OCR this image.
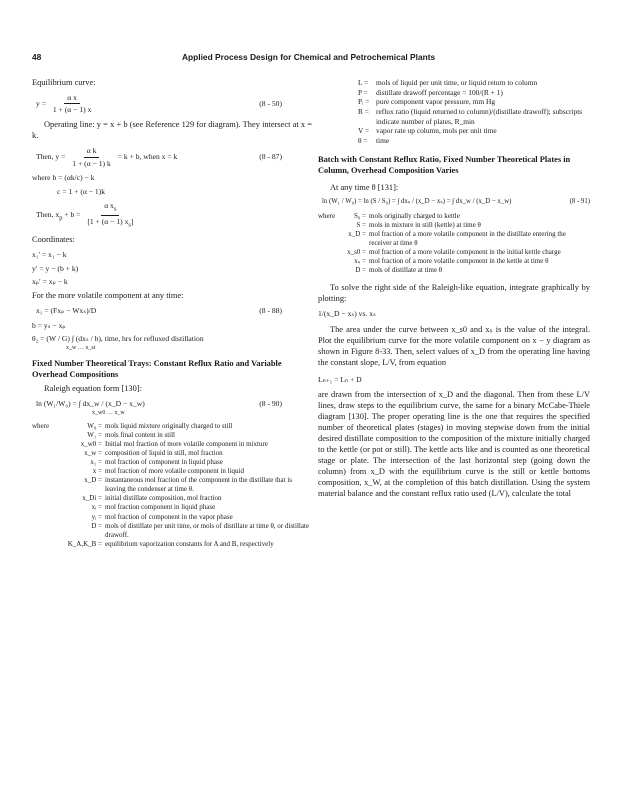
48	Applied Process Design for Chemical and Petrochemical Plants
Equilibrium curve:
$y = \frac{\text{α x}}{1 + (\alpha - 1) x}$	(8 - 50)

Operating line: y = x + b (see Reference 129 for diagram). They intersect at x = k.

Then, $y = \frac{\text{α k}}{1 + (\alpha - 1) k} = k + b$, when x = k	(8 - 87)
where b = (αk/c) − k
c = 1 + (α − 1)k
Then, $x_p + b = \frac{\alpha x_s}{[1 + (\alpha - 1) x_s]}$
Coordinates:
x₁′ = x₁ − k
y′ = y − (b + k)
xₚ′ = xₚ − k
For the more volatile component at any time:
x₁ = (Fxₚ − Wxₛ)/D	(8 - 88)
b = yₛ − xₚ
θ₂ = (W / G) ∫ (dxₛ / b), time, hrs for refluxed distillation
x_w … x_si
Fixed Number Theoretical Trays: Constant Reflux Ratio and Variable Overhead Compositions
Raleigh equation form [130]:
ln (W₁/W₀) = ∫ dx_w / (x_D − x_w)	(8 - 90)
x_w0 … x_w
where	W₀ = mols liquid mixture originally charged to still
W₁ = mols final content in still
x_w0 = Initial mol fraction of more volatile component in mixture
x_w = composition of liquid in still, mol fraction
x₁ = mol fraction of component in liquid phase
x = mol fraction of more volatile component in liquid
x_D = instantaneous mol fraction of the component in the distillate that is leaving the condenser at time θ.
x_Di = initial distillate composition, mol fraction
xᵢ = mol fraction component in liquid phase
yᵢ = mol fraction of component in the vapor phase
D = mols of distillate per unit time, or mols of distillate at time θ, or distillate drawoff.
K_A,K_B = equilibrium vaporization constants for A and B, respectively
L =	mols of liquid per unit time, or liquid return to column
P =	distillate drawoff percentage = 100/(R + 1)
Pᵢ = pure component vapor pressure, mm Hg
R = reflux ratio (liquid returned to column)/(distillate drawoff); subscripts indicate number of plates, R_min
V = vapor rate up column, mols per unit time
θ =	time
Batch with Constant Reflux Ratio, Fixed Number Theoretical Plates in Column, Overhead Composition Varies
At any time θ [131]:
ln (W₁ / W₀) = ln (S / S₀) = ∫ dxₛ / (x_D − xₛ) = ∫ dx_w / (x_D − x_w)	(8 - 91)
where	S₀ = mols originally charged to kettle
S = mols in mixture in still (kettle) at time θ
x_D = mol fraction of a more volatile component in the distillate entering the receiver at time θ
x_s0 = mol fraction of a more volatile component in the initial kettle charge
xₛ = mol fraction of a more volatile component in the kettle at time θ
D = mols of distillate at time θ

To solve the right side of the Raleigh-like equation, integrate graphically by plotting:

1/(x_D − xₛ) vs. xₛ

The area under the curve between x_s0 and xₛ is the value of the integral. Plot the equilibrium curve for the more volatile component on x − y diagram as shown in Figure 8-33. Then, select values of x_D from the operating line having the constant slope, L/V, from equation

Lₙ₊₁ = Lₙ + D

are drawn from the intersection of x_D and the diagonal. Then from these L/V lines, draw steps to the equilibrium curve, the same for a binary McCabe-Thiele diagram [130]. The proper operating line is the one that requires the specified number of theoretical plates (stages) in moving stepwise down from the initial desired distillate composition to the composition of the mixture initially charged to the kettle (or pot or still). The kettle acts like and is counted as one theoretical stage or plate. The intersection of the last horizontal step (going down the column) from x_D with the equilibrium curve is the still or kettle bottoms composition, x_W, at the completion of this batch distillation. Using the system material balance and the constant reflux ratio used (L/V), calculate the total
